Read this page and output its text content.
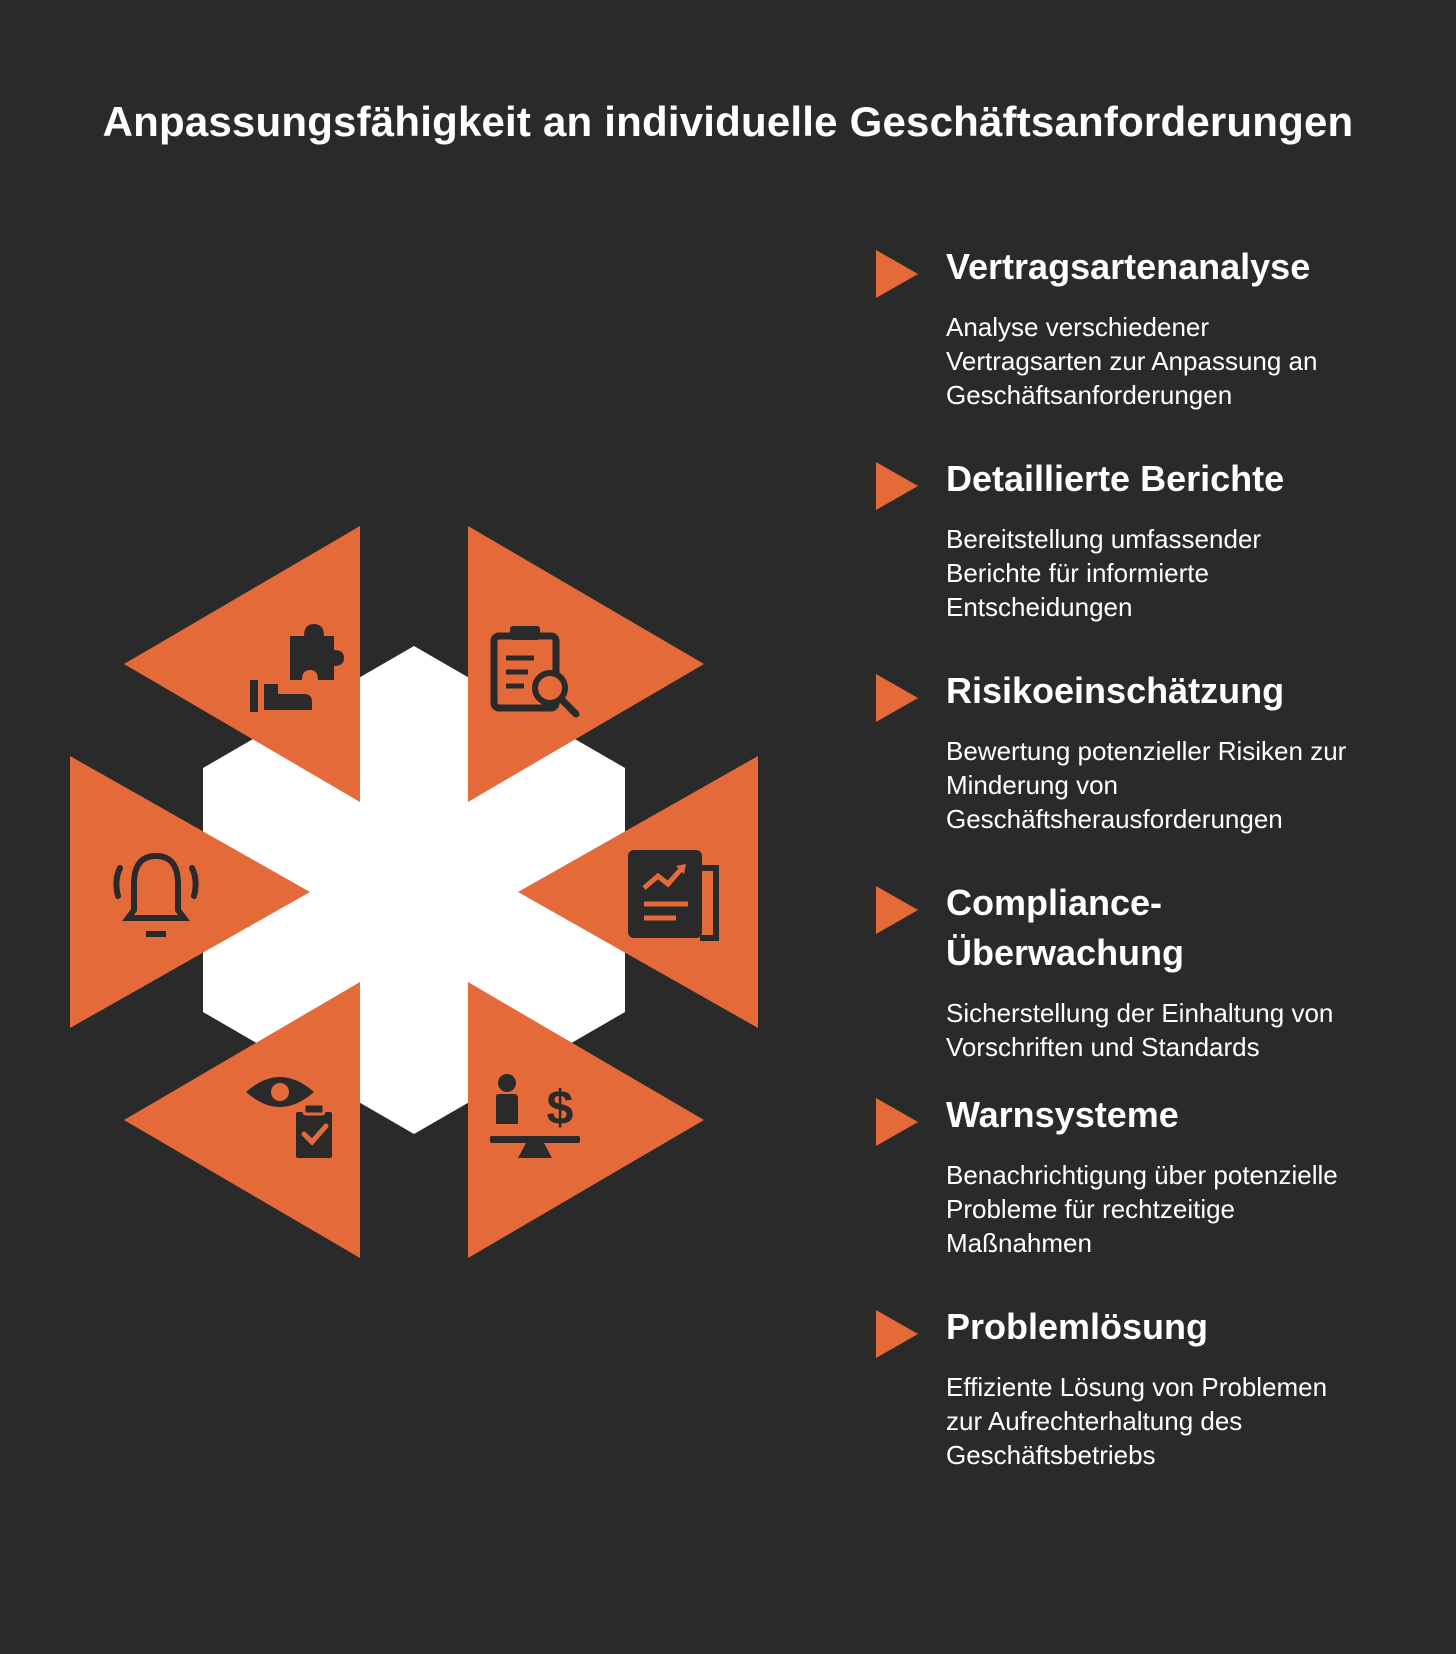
Anpassungsfähigkeit an individuelle Geschäftsanforderungen
$
Vertragsartenanalyse
Analyse verschiedener
Vertragsarten zur Anpassung an
Geschäftsanforderungen
Detaillierte Berichte
Bereitstellung umfassender
Berichte für informierte
Entscheidungen
Risikoeinschätzung
Bewertung potenzieller Risiken zur
Minderung von
Geschäftsherausforderungen
Compliance-
Überwachung
Sicherstellung der Einhaltung von
Vorschriften und Standards
Warnsysteme
Benachrichtigung über potenzielle
Probleme für rechtzeitige
Maßnahmen
Problemlösung
Effiziente Lösung von Problemen
zur Aufrechterhaltung des
Geschäftsbetriebs
